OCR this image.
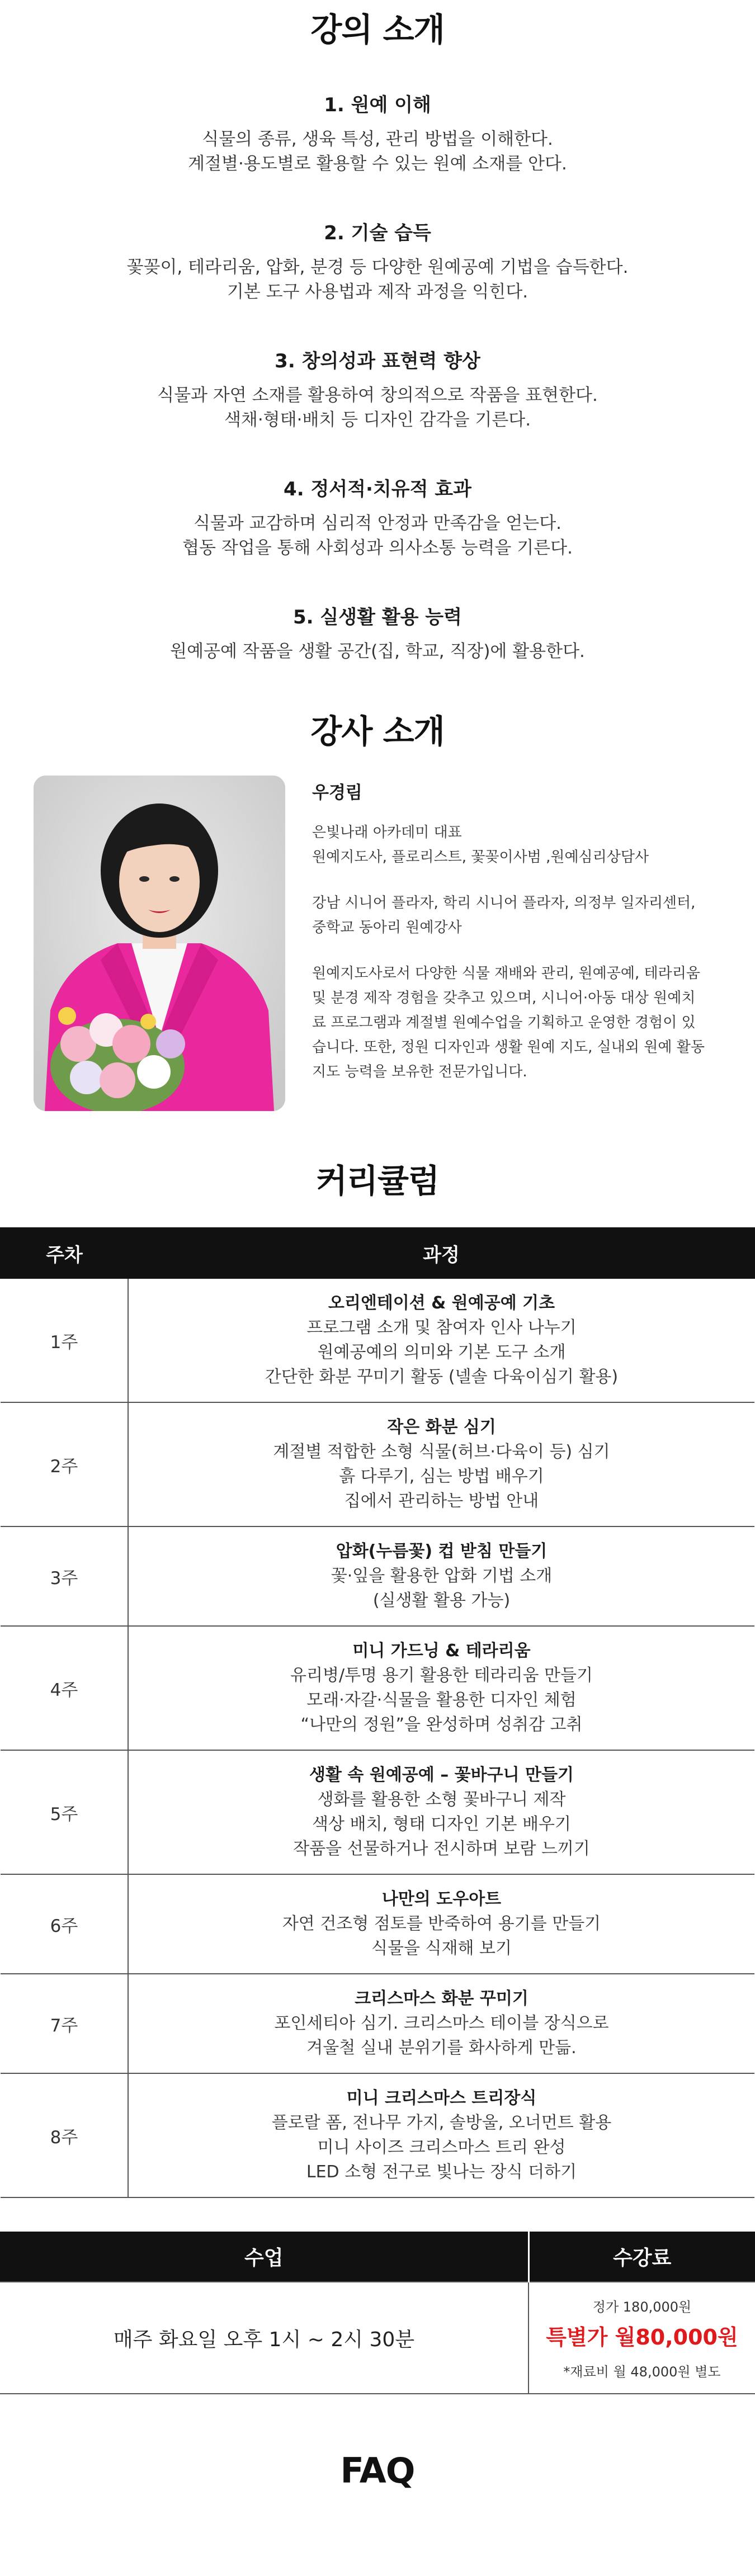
강의 소개
1. 원예 이해
식물의 종류, 생육 특성, 관리 방법을 이해한다.
계절별·용도별로 활용할 수 있는 원예 소재를 안다.
2. 기술 습득
꽃꽂이, 테라리움, 압화, 분경 등 다양한 원예공예 기법을 습득한다.
기본 도구 사용법과 제작 과정을 익힌다.
3. 창의성과 표현력 향상
식물과 자연 소재를 활용하여 창의적으로 작품을 표현한다.
색채·형태·배치 등 디자인 감각을 기른다.
4. 정서적·치유적 효과
식물과 교감하며 심리적 안정과 만족감을 얻는다.
협동 작업을 통해 사회성과 의사소통 능력을 기른다.
5. 실생활 활용 능력
원예공예 작품을 생활 공간(집, 학교, 직장)에 활용한다.
강사 소개
우경림
은빛나래 아카데미 대표
원예지도사, 플로리스트, 꽃꽂이사범 ,원예심리상담사
강남 시니어 플라자, 학리 시니어 플라자, 의정부 일자리센터,
중학교 동아리 원예강사
원예지도사로서 다양한 식물 재배와 관리, 원예공예, 테라리움
및 분경 제작 경험을 갖추고 있으며, 시니어·아동 대상 원예치
료 프로그램과 계절별 원예수업을 기획하고 운영한 경험이 있
습니다. 또한, 정원 디자인과 생활 원예 지도, 실내외 원예 활동
지도 능력을 보유한 전문가입니다.
커리큘럼
주차	과정
1주	오리엔테이션 & 원예공예 기초
프로그램 소개 및 참여자 인사 나누기
원예공예의 의미와 기본 도구 소개
간단한 화분 꾸미기 활동 (넬솔 다육이심기 활용)

2주	작은 화분 심기
계절별 적합한 소형 식물(허브·다육이 등) 심기
흙 다루기, 심는 방법 배우기
집에서 관리하는 방법 안내

3주	압화(누름꽃) 컵 받침 만들기
꽃·잎을 활용한 압화 기법 소개
(실생활 활용 가능)

4주	미니 가드닝 & 테라리움
유리병/투명 용기 활용한 테라리움 만들기
모래·자갈·식물을 활용한 디자인 체험
“나만의 정원”을 완성하며 성취감 고취

5주	생활 속 원예공예 – 꽃바구니 만들기
생화를 활용한 소형 꽃바구니 제작
색상 배치, 형태 디자인 기본 배우기
작품을 선물하거나 전시하며 보람 느끼기

6주	나만의 도우아트
자연 건조형 점토를 반죽하여 용기를 만들기
식물을 식재해 보기

7주	크리스마스 화분 꾸미기
포인세티아 심기. 크리스마스 테이블 장식으로
겨울철 실내 분위기를 화사하게 만듦.

8주	미니 크리스마스 트리장식
플로랄 폼, 전나무 가지, 솔방울, 오너먼트 활용
미니 사이즈 크리스마스 트리 완성
LED 소형 전구로 빛나는 장식 더하기
수업	수강료
매주 화요일 오후 1시 ~ 2시 30분	정가 180,000원
특별가 월80,000원
*재료비 월 48,000원 별도
FAQ
